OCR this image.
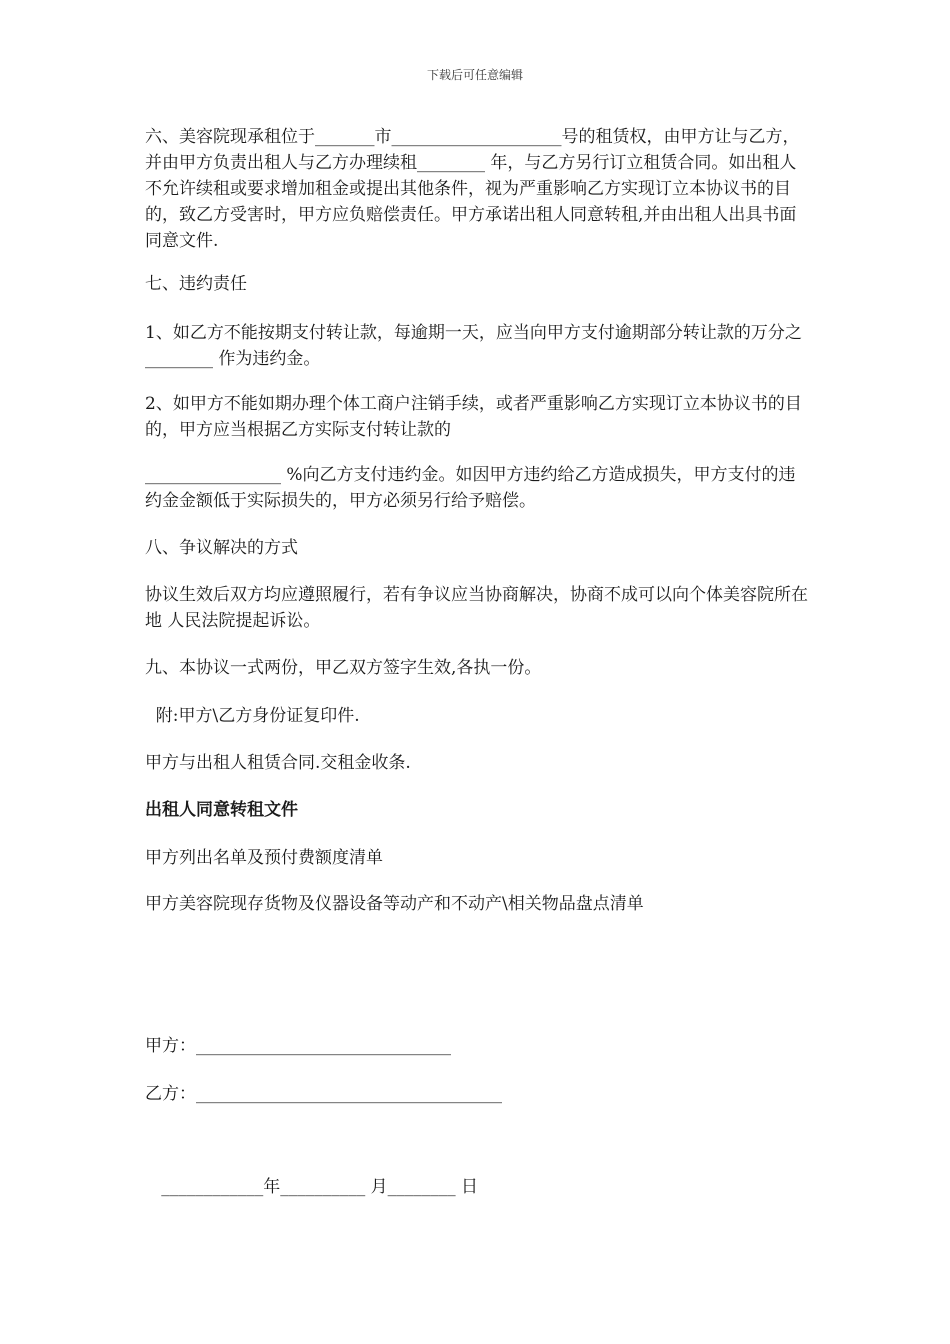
下载后可任意编辑

六、美容院现承租位于_______市____________________号的租赁权，由甲方让与乙方，并由甲方负责出租人与乙方办理续租________ 年，与乙方另行订立租赁合同。如出租人不允许续租或要求增加租金或提出其他条件，视为严重影响乙方实现订立本协议书的目的，致乙方受害时，甲方应负赔偿责任。甲方承诺出租人同意转租,并由出租人出具书面同意文件.

七、违约责任

1、如乙方不能按期支付转让款，每逾期一天，应当向甲方支付逾期部分转让款的万分之________ 作为违约金。

2、如甲方不能如期办理个体工商户注销手续，或者严重影响乙方实现订立本协议书的目的，甲方应当根据乙方实际支付转让款的

________________ %向乙方支付违约金。如因甲方违约给乙方造成损失，甲方支付的违约金金额低于实际损失的，甲方必须另行给予赔偿。

八、争议解决的方式

协议生效后双方均应遵照履行，若有争议应当协商解决，协商不成可以向个体美容院所在地 人民法院提起诉讼。

九、本协议一式两份，甲乙双方签字生效,各执一份。

附:甲方\乙方身份证复印件.

甲方与出租人租赁合同.交租金收条.

出租人同意转租文件

甲方列出名单及预付费额度清单

甲方美容院现存货物及仪器设备等动产和不动产\相关物品盘点清单

甲方：______________________________

乙方：____________________________________

____________年__________ 月________ 日
